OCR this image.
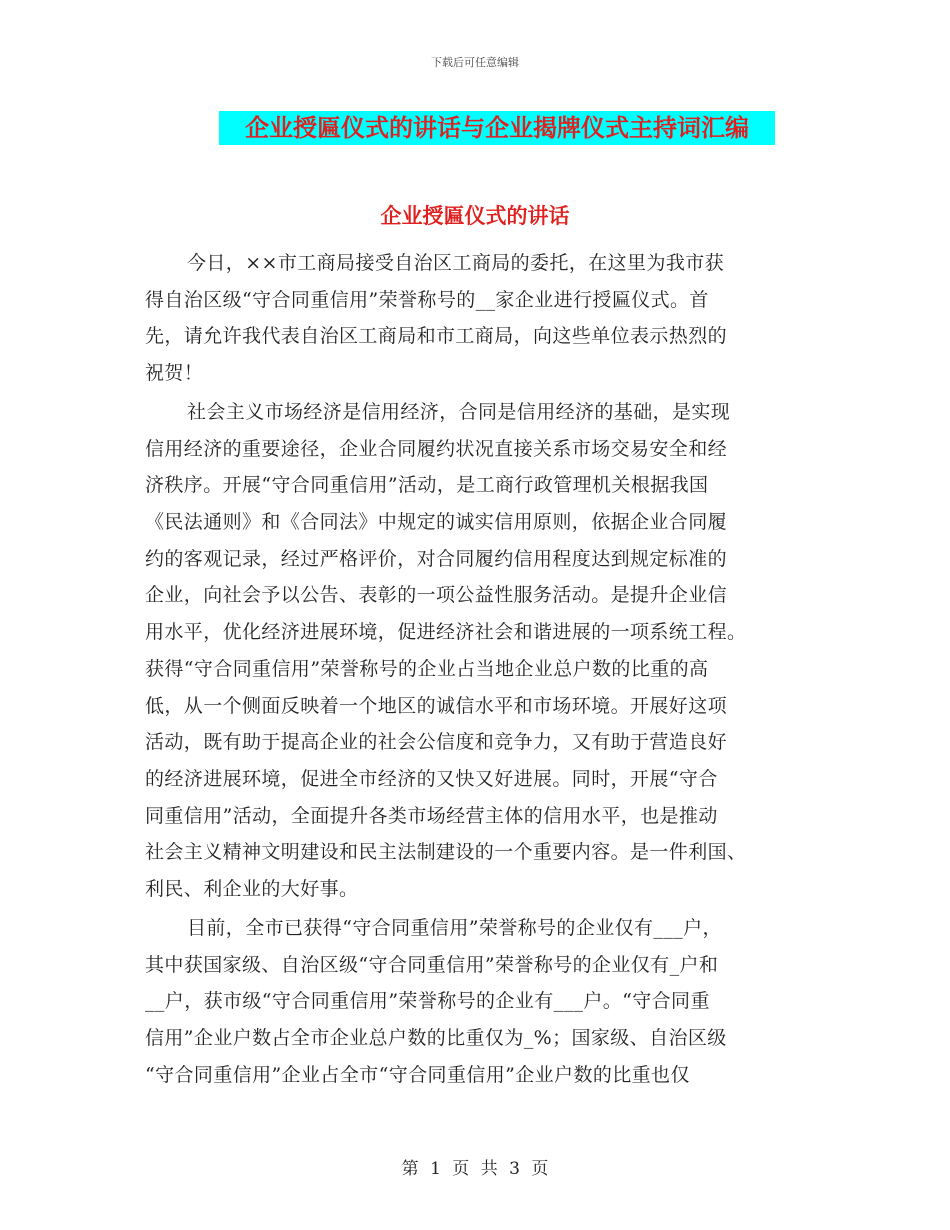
下载后可任意编辑
企业授匾仪式的讲话与企业揭牌仪式主持词汇编
企业授匾仪式的讲话
今日，××市工商局接受自治区工商局的委托，在这里为我市获
得自治区级“守合同重信用”荣誉称号的__家企业进行授匾仪式。首
先，请允许我代表自治区工商局和市工商局，向这些单位表示热烈的
祝贺！
社会主义市场经济是信用经济，合同是信用经济的基础，是实现
信用经济的重要途径，企业合同履约状况直接关系市场交易安全和经
济秩序。开展“守合同重信用”活动，是工商行政管理机关根据我国
《民法通则》和《合同法》中规定的诚实信用原则，依据企业合同履
约的客观记录，经过严格评价，对合同履约信用程度达到规定标准的
企业，向社会予以公告、表彰的一项公益性服务活动。是提升企业信
用水平，优化经济进展环境，促进经济社会和谐进展的一项系统工程。
获得“守合同重信用”荣誉称号的企业占当地企业总户数的比重的高
低，从一个侧面反映着一个地区的诚信水平和市场环境。开展好这项
活动，既有助于提高企业的社会公信度和竞争力，又有助于营造良好
的经济进展环境，促进全市经济的又快又好进展。同时，开展“守合
同重信用”活动，全面提升各类市场经营主体的信用水平，也是推动
社会主义精神文明建设和民主法制建设的一个重要内容。是一件利国、
利民、利企业的大好事。
目前，全市已获得“守合同重信用”荣誉称号的企业仅有___户，
其中获国家级、自治区级“守合同重信用”荣誉称号的企业仅有_户和
__户，获市级“守合同重信用”荣誉称号的企业有___户。“守合同重
信用”企业户数占全市企业总户数的比重仅为_%；国家级、自治区级
“守合同重信用”企业占全市“守合同重信用”企业户数的比重也仅
第 1 页 共 3 页
